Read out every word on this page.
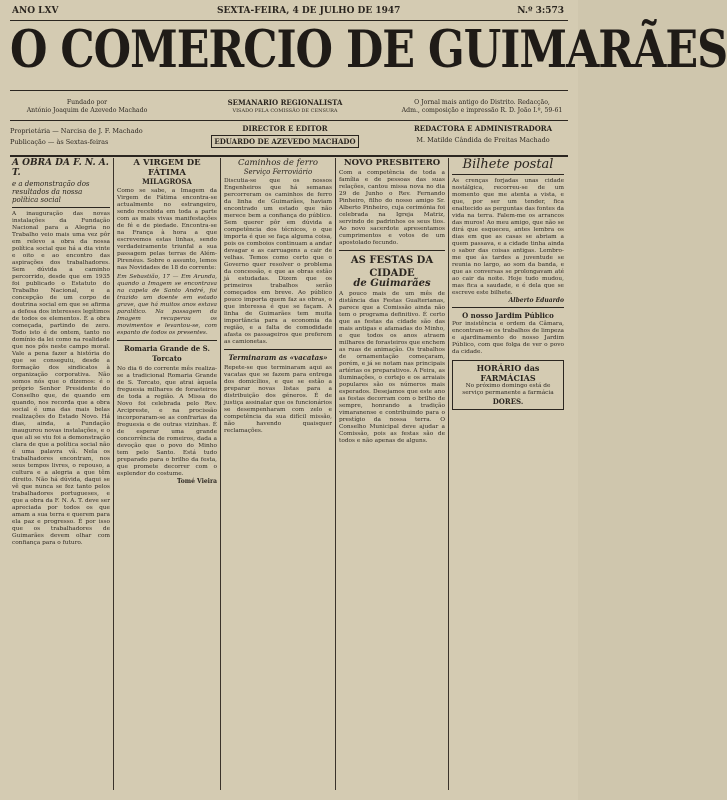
ANO LXV	SEXTA-FEIRA, 4 DE JULHO DE 1947	N.º 3:573
O COMERCIO DE GUIMARÃES
Fundado por
António Joaquim de Azevedo Machado
SEMANARIO REGIONALISTA
VISADO PELA COMISSÃO DE CENSURA
O Jornal mais antigo do Distrito. Redacção,
Adm., composição e impressão R. D. João I.º, 59-61
Proprietária — Narcisa de J. F. Machado
Publicação — às Sextas-feiras
DIRECTOR E EDITOR
EDUARDO DE AZEVEDO MACHADO
REDACTORA E ADMINISTRADORA
M. Matilde Cândida de Freitas Machado
A OBRA DA F. N. A. T.
e a demonstração dos resultados da nossa política social
A inauguração das novas instalações da Fundação Nacional para a Alegria no Trabalho veio mais uma vez pôr em relevo a obra da nossa política social que há a dia vinte e oito e ao encontro das aspirações dos trabalhadores. Sem dúvida a caminho percorrido, desde que em 1935 foi publicado o Estatuto do Trabalho Nacional, e a concepção de um corpo de doutrina social em que se afirma a defesa dos interesses legítimos de todos os elementos. É a obra começada, partindo de zero. Todo isto é de ontem, tanto no domínio da lei como na realidade que nos pôs neste campo moral. Vale a pena fazer a história do que se conseguiu, desde a formação dos sindicatos à organização corporativa. Não somos nós que o dizemos: é o próprio Senhor Presidente do Conselho que, de quando em quando, nos recorda que a obra social é uma das mais belas realizações do Estado Novo. Há dias, ainda, a Fundação inaugurou novas instalações, e o que ali se viu foi a demonstração clara de que a política social não é uma palavra vã. Nela os trabalhadores encontram, nos seus tempos livres, o repouso, a cultura e a alegria a que têm direito. Não há dúvida, daqui se vê que nunca se fez tanto pelos trabalhadores portugueses, e que a obra da F. N. A. T. deve ser apreciada por todos os que amam a sua terra e querem para ela paz e progresso. É por isso que os trabalhadores de Guimarães devem olhar com confiança para o futuro.
A VIRGEM DE FÁTIMA
MILAGROSA
Como se sabe, a Imagem da Virgem de Fátima encontra-se actualmente no estrangeiro, sendo recebida em toda a parte com as mais vivas manifestações de fé e de piedade. Encontra-se na França à hora a que escrevemos estas linhas, sendo verdadeiramente triunfal a sua passagem pelas terras de Além-Pirenéus. Sobre o assunto, lemos nas Novidades de 18 do corrente:
Em Sebastião, 17 — Em Arunda, quando a Imagem se encontrava na capela de Santo André, foi trazido um doente em estado grave, que há muitos anos estava paralítico. Na passagem da Imagem recuperou os movimentos e levantou-se, com espanto de todos os presentes.
Romaria Grande de S. Torcato
No dia 6 do corrente mês realiza-se a tradicional Romaria Grande de S. Torcato, que atrai àquela freguesia milhares de forasteiros de toda a região. A Missa do Novo foi celebrada pelo Rev. Arcipreste, e na procissão incorporaram-se as confrarias da freguesia e de outras vizinhas. É de esperar uma grande concorrência de romeiros, dada a devoção que o povo do Minho tem pelo Santo. Está tudo preparado para o brilho da festa, que promete decorrer com o esplendor do costume.
Tomé Vieira
Caminhos de ferro
Serviço Ferroviário
Discutia-se que os nossos Engenheiros que há semanas percorreram os caminhos de ferro da linha de Guimarães, haviam encontrado um estado que não merece bem a confiança do público. Sem querer pôr em dúvida a competência dos técnicos, o que importa é que se faça alguma coisa, pois os comboios continuam a andar devagar e as carruagens a cair de velhas. Temos como certo que o Governo quer resolver o problema da concessão, e que as obras estão já estudadas. Dizem que os primeiros trabalhos serão começados em breve. Ao público pouco importa quem faz as obras, o que interessa é que se façam. A linha de Guimarães tem muita importância para a economia da região, e a falta de comodidade afasta os passageiros que preferem as camionetas.
Terminaram as «vacatas»
Repete-se que terminaram aqui as vacatas que se fazem para entrega dos domicílios, e que se estão a preparar novas listas para a distribuição dos géneros. É de justiça assinalar que os funcionários se desempenharam com zelo e competência da sua difícil missão, não havendo quaisquer reclamações.
NOVO PRESBITERO
Com a competência de toda a família e de pessoas das suas relações, cantou missa nova no dia 29 de Junho o Rev. Fernando Pinheiro, filho do nosso amigo Sr. Alberto Pinheiro, cuja cerimónia foi celebrada na Igreja Matriz, servindo de padrinhos os seus tios. Ao novo sacerdote apresentamos cumprimentos e votos de um apostolado fecundo.
AS FESTAS DA CIDADE
de Guimarães
A pouco mais de um mês de distância das Festas Gualterianas, parece que a Comissão ainda não tem o programa definitivo. É certo que as festas da cidade são das mais antigas e afamadas do Minho, e que todos os anos atraem milhares de forasteiros que enchem as ruas de animação. Os trabalhos de ornamentação começaram, porém, e já se notam nas principais artérias os preparativos. A Feira, as iluminações, o cortejo e os arraiais populares são os números mais esperados. Desejamos que este ano as festas decorram com o brilho de sempre, honrando a tradição vimaranense e contribuindo para o prestígio da nossa terra. O Conselho Municipal deve ajudar a Comissão, pois as festas são de todos e não apenas de alguns.
Bilhete postal
As crenças forjadas unas cidade nostálgica, recorreu-se de um momento que me atenta a vista, e que, por ser um tender, fica enaltecido as perguntas das fontes da vida na terra. Falem-me os arrancos das muros! Ao meu amigo, que não se dirá que esqueceu, antes lembra os dias em que as casas se abriam a quem passava, e a cidade tinha ainda o sabor das coisas antigas. Lembro-me que às tardes a juventude se reunia no largo, ao som da banda, e que as conversas se prolongavam até ao cair da noite. Hoje tudo mudou, mas fica a saudade, e é dela que se escreve este bilhete.
Alberto Eduardo
O nosso Jardim Público
Por insistência e ordem da Câmara, encontram-se os trabalhos de limpeza e ajardinamento do nosso Jardim Público, com que folga de ver o povo da cidade.
HORÁRIO das FARMÁCIAS
No próximo domingo está de serviço permanente a farmácia
DORES.
